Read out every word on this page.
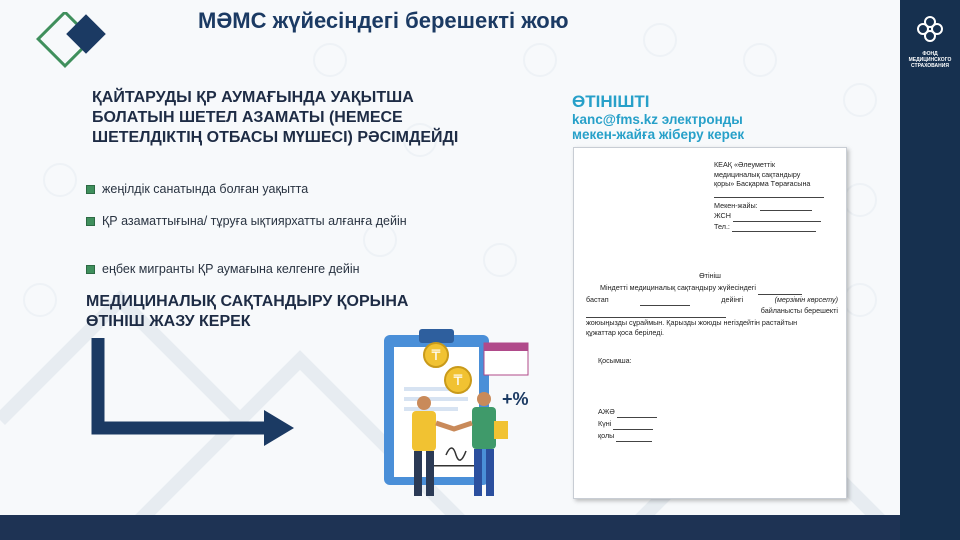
ФОНД
МЕДИЦИНСКОГО
СТРАХОВАНИЯ
МӘМС жүйесіндегі берешекті жою
ҚАЙТАРУДЫ ҚР АУМАҒЫНДА УАҚЫТША
БОЛАТЫН ШЕТЕЛ АЗАМАТЫ (НЕМЕСЕ
ШЕТЕЛДІКТІҢ ОТБАСЫ МҮШЕСІ) РӘСІМДЕЙДІ
жеңілдік санатында болған уақытта
ҚР азаматтығына/ тұруға ықтиярхатты алғанға дейін
еңбек мигранты ҚР аумағына келгенге дейін
МЕДИЦИНАЛЫҚ САҚТАНДЫРУ ҚОРЫНА
ӨТІНІШ ЖАЗУ КЕРЕК
₸
₸
+%
ӨТІНІШТІ
kanc@fms.kz электронды
мекен-жайға жіберу керек
КЕАҚ «Әлеуметтік
медициналық сақтандыру
қоры» Басқарма Төрағасына
Мекен-жайы:
ЖСН
Тел.:
Өтініш
Міндетті медициналық сақтандыру жүйесіндегі
бастап
	дейінгі	(мерзімін көрсету)

байланысты берешекті
жоюыңызды сұраймын. Қарызды жоюды негіздейтін растайтын
құжаттар қоса беріледі.
Қосымша:
АЖӘ
Күні
қолы
